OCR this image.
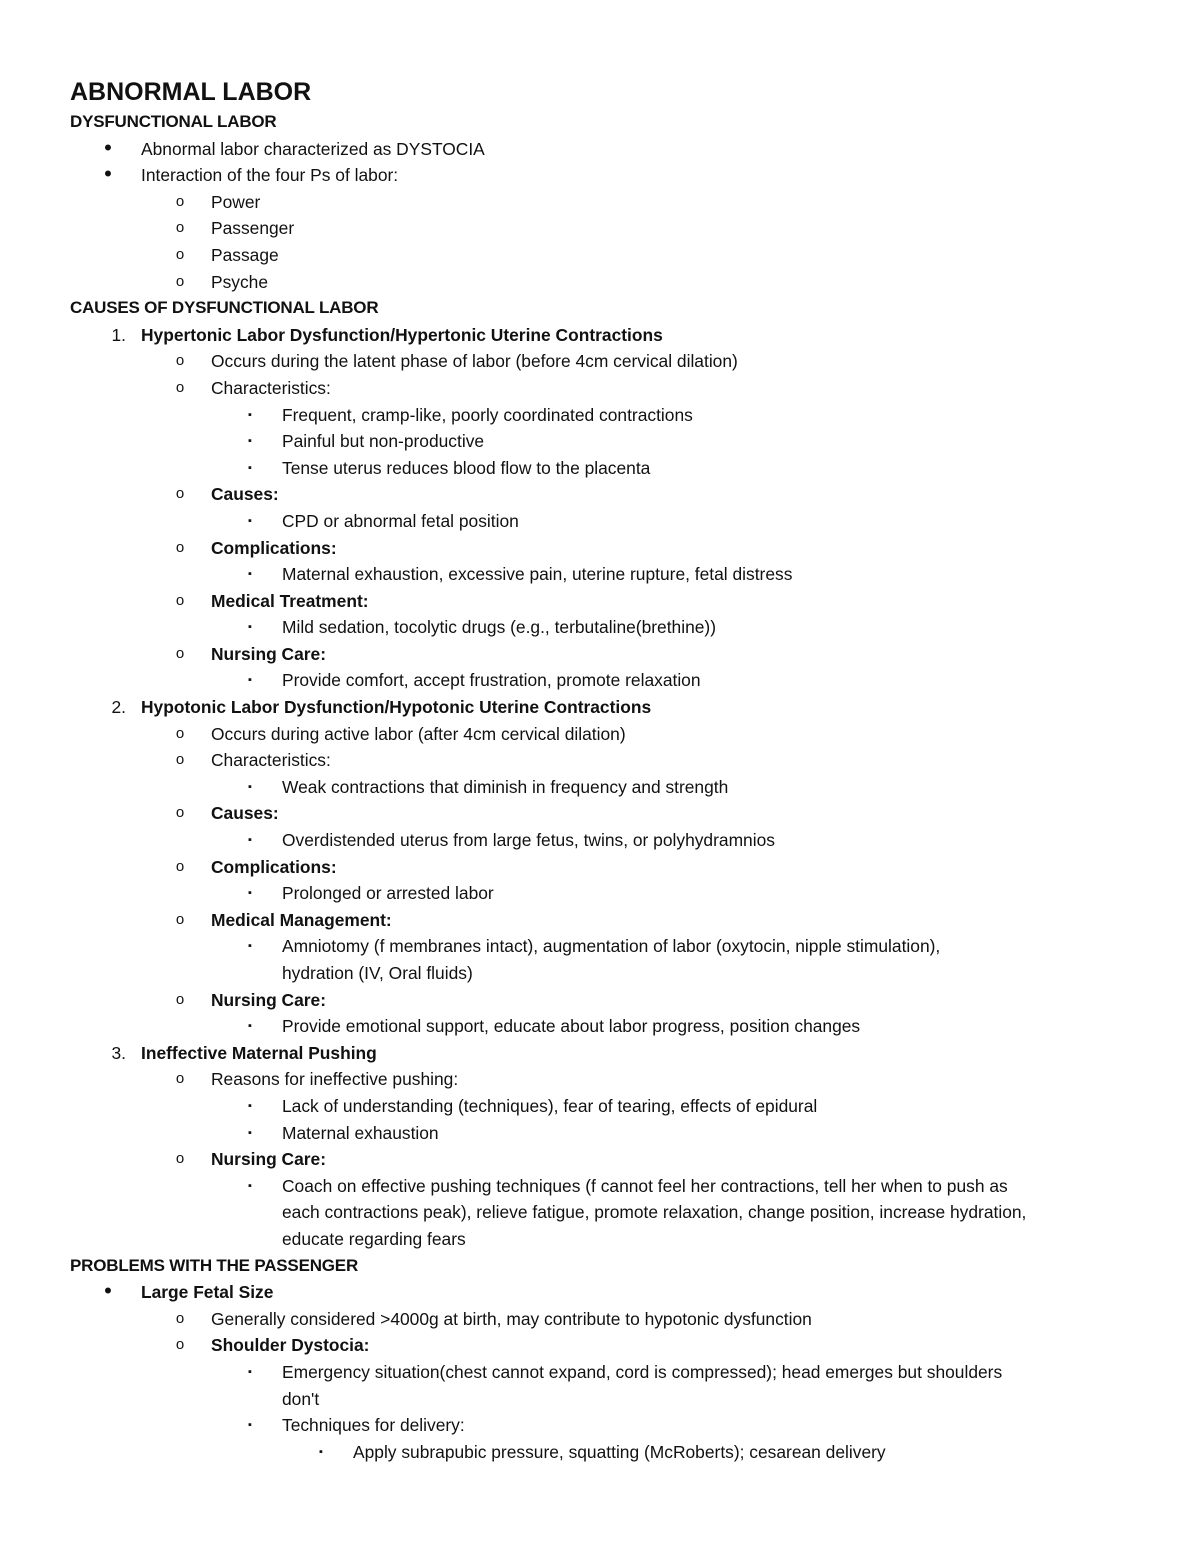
ABNORMAL LABOR
DYSFUNCTIONAL LABOR
•	Abnormal labor characterized as DYSTOCIA
•	Interaction of the four Ps of labor:
o	Power
o	Passenger
o	Passage
o	Psyche
CAUSES OF DYSFUNCTIONAL LABOR
1. Hypertonic Labor Dysfunction/Hypertonic Uterine Contractions
o	Occurs during the latent phase of labor (before 4cm cervical dilation)
o	Characteristics:
▪	Frequent, cramp-like, poorly coordinated contractions
▪	Painful but non-productive
▪	Tense uterus reduces blood flow to the placenta
o	Causes:
▪	CPD or abnormal fetal position
o	Complications:
▪	Maternal exhaustion, excessive pain, uterine rupture, fetal distress
o	Medical Treatment:
▪	Mild sedation, tocolytic drugs (e.g., terbutaline(brethine))
o	Nursing Care:
▪	Provide comfort, accept frustration, promote relaxation
2. Hypotonic Labor Dysfunction/Hypotonic Uterine Contractions
o	Occurs during active labor (after 4cm cervical dilation)
o	Characteristics:
▪	Weak contractions that diminish in frequency and strength
o	Causes:
▪	Overdistended uterus from large fetus, twins, or polyhydramnios
o	Complications:
▪	Prolonged or arrested labor
o	Medical Management:
▪	Amniotomy (f membranes intact), augmentation of labor (oxytocin, nipple stimulation),
hydration (IV, Oral fluids)
o	Nursing Care:
▪	Provide emotional support, educate about labor progress, position changes
3. Ineffective Maternal Pushing
o	Reasons for ineffective pushing:
▪	Lack of understanding (techniques), fear of tearing, effects of epidural
▪	Maternal exhaustion
o	Nursing Care:
▪	Coach on effective pushing techniques (f cannot feel her contractions, tell her when to push as
each contractions peak), relieve fatigue, promote relaxation, change position, increase hydration,
educate regarding fears
PROBLEMS WITH THE PASSENGER
•	Large Fetal Size
o	Generally considered >4000g at birth, may contribute to hypotonic dysfunction
o	Shoulder Dystocia:
▪	Emergency situation(chest cannot expand, cord is compressed); head emerges but shoulders
don't
▪	Techniques for delivery:
▪	Apply subrapubic pressure, squatting (McRoberts); cesarean delivery
